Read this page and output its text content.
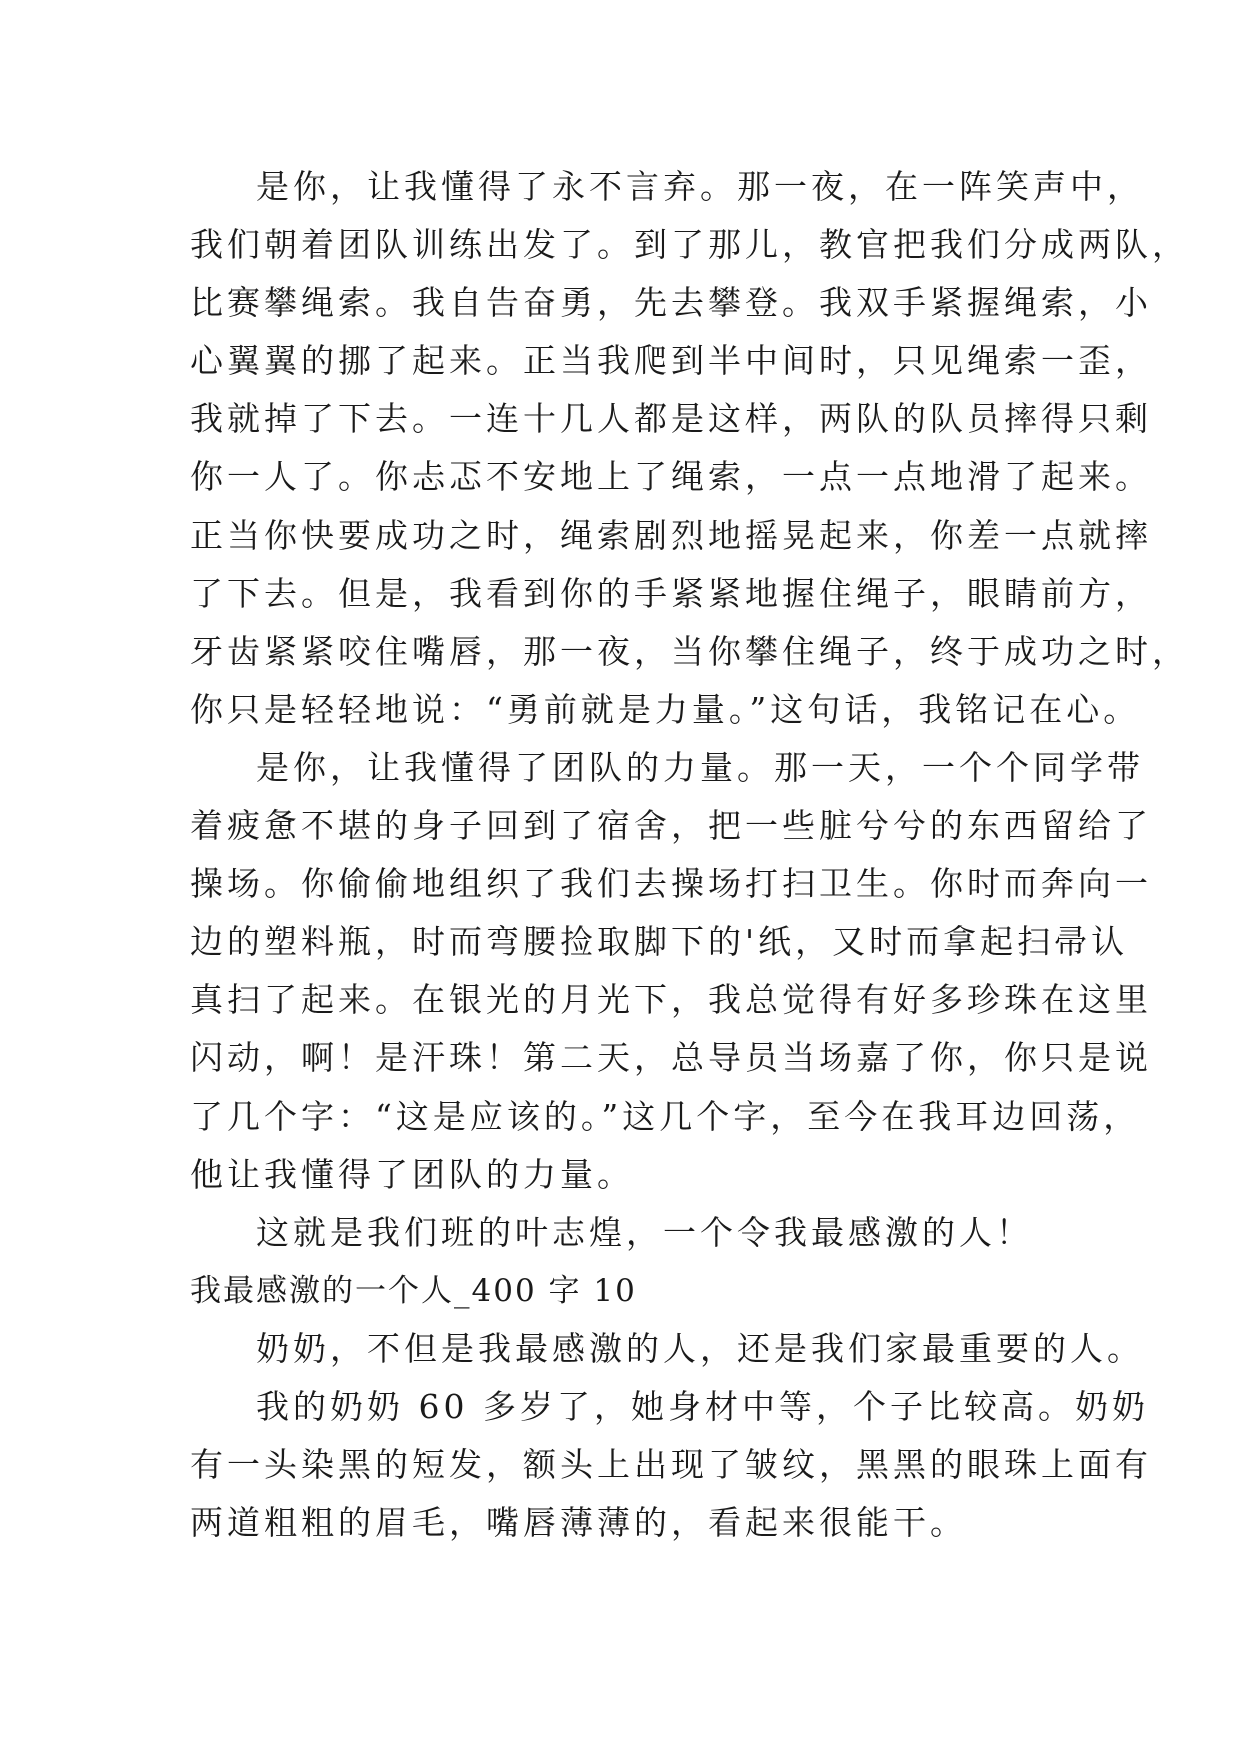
是你，让我懂得了永不言弃。那一夜，在一阵笑声中，
我们朝着团队训练出发了。到了那儿，教官把我们分成两队，
比赛攀绳索。我自告奋勇，先去攀登。我双手紧握绳索，小
心翼翼的挪了起来。正当我爬到半中间时，只见绳索一歪，
我就掉了下去。一连十几人都是这样，两队的队员摔得只剩
你一人了。你忐忑不安地上了绳索，一点一点地滑了起来。
正当你快要成功之时，绳索剧烈地摇晃起来，你差一点就摔
了下去。但是，我看到你的手紧紧地握住绳子，眼睛前方，
牙齿紧紧咬住嘴唇，那一夜，当你攀住绳子，终于成功之时，
你只是轻轻地说：“勇前就是力量。”这句话，我铭记在心。
是你，让我懂得了团队的力量。那一天，一个个同学带
着疲惫不堪的身子回到了宿舍，把一些脏兮兮的东西留给了
操场。你偷偷地组织了我们去操场打扫卫生。你时而奔向一
边的塑料瓶，时而弯腰捡取脚下的'纸，又时而拿起扫帚认
真扫了起来。在银光的月光下，我总觉得有好多珍珠在这里
闪动，啊！是汗珠！第二天，总导员当场嘉了你，你只是说
了几个字：“这是应该的。”这几个字，至今在我耳边回荡，
他让我懂得了团队的力量。
这就是我们班的叶志煌，一个令我最感激的人！
我最感激的一个人_400 字 10
奶奶，不但是我最感激的人，还是我们家最重要的人。
我的奶奶 60 多岁了，她身材中等，个子比较高。奶奶
有一头染黑的短发，额头上出现了皱纹，黑黑的眼珠上面有
两道粗粗的眉毛，嘴唇薄薄的，看起来很能干。
